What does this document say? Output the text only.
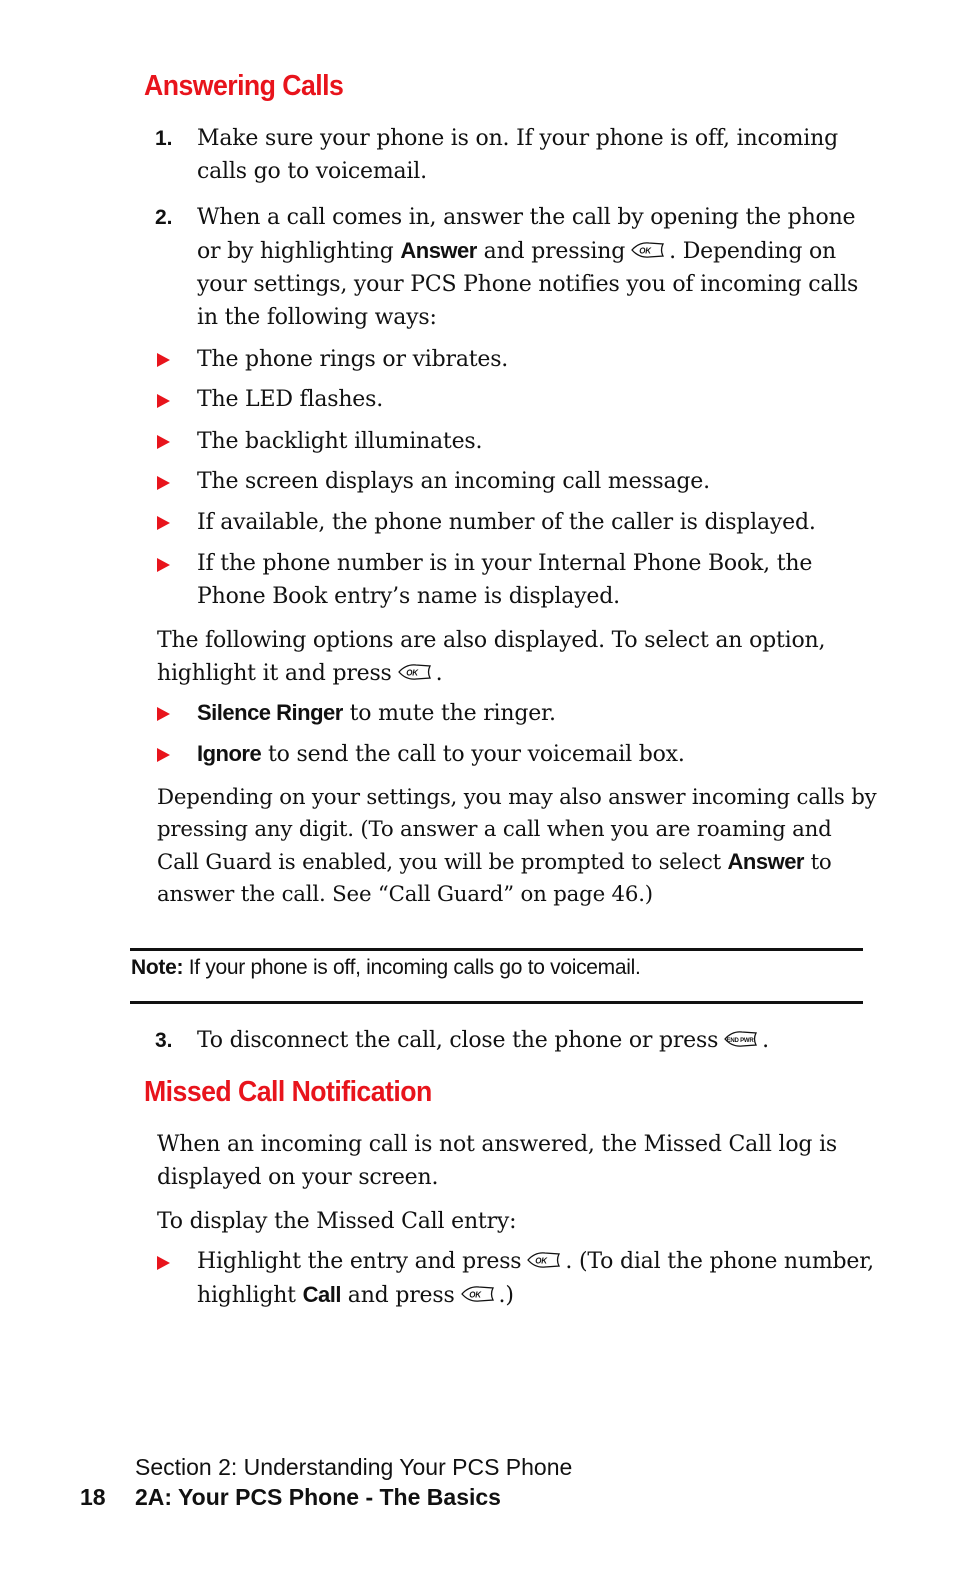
Answering Calls
1. Make sure your phone is on. If your phone is off, incoming calls go to voicemail.

2. When a call comes in, answer the call by opening the phone or by highlighting Answer and pressing OK . Depending on your settings, your PCS Phone notifies you of incoming calls in the following ways:

The phone rings or vibrates.

The LED flashes.

The backlight illuminates.

The screen displays an incoming call message.

If available, the phone number of the caller is displayed.

If the phone number is in your Internal Phone Book, the Phone Book entry’s name is displayed.

The following options are also displayed. To select an option, highlight it and press OK .

Silence Ringer to mute the ringer.

Ignore to send the call to your voicemail box.

Depending on your settings, you may also answer incoming calls by pressing any digit. (To answer a call when you are roaming and Call Guard is enabled, you will be prompted to select Answer to answer the call. See “Call Guard” on page 46.)

Note: If your phone is off, incoming calls go to voicemail.

3. To disconnect the call, close the phone or press END PWR .

Missed Call Notification

When an incoming call is not answered, the Missed Call log is displayed on your screen.

To display the Missed Call entry:

Highlight the entry and press OK . (To dial the phone number, highlight Call and press OK .)

Section 2: Understanding Your PCS Phone

18 2A: Your PCS Phone - The Basics
